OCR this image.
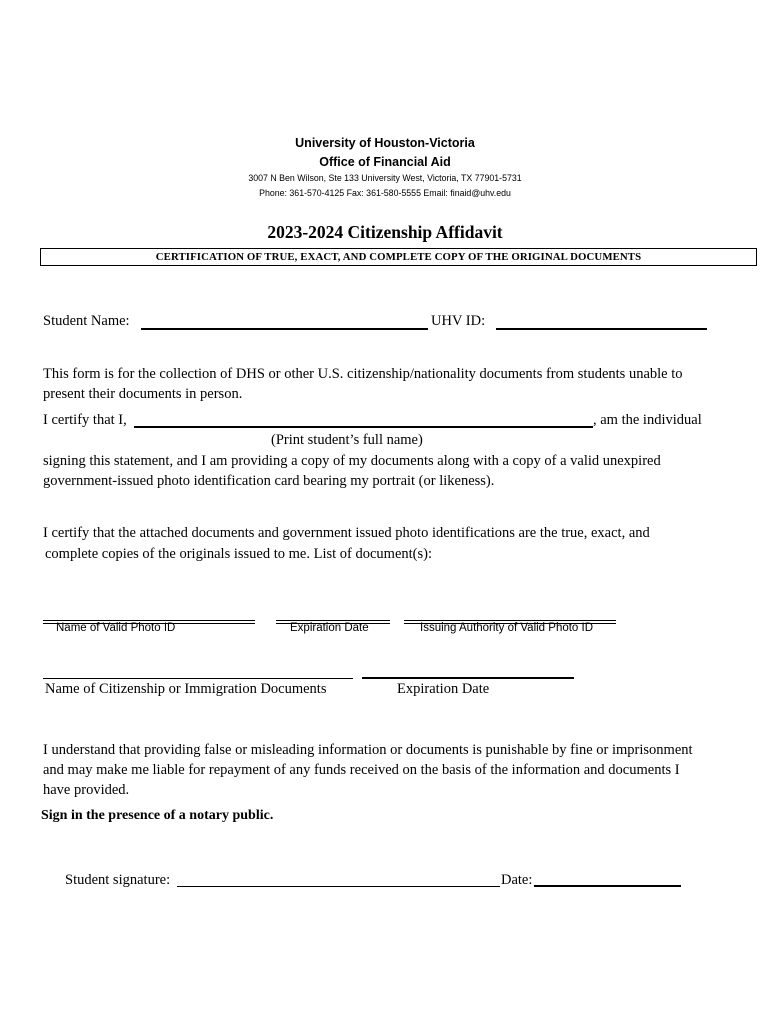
University of Houston-Victoria
Office of Financial Aid
3007 N Ben Wilson, Ste 133 University West, Victoria, TX 77901-5731
Phone: 361-570-4125 Fax: 361-580-5555 Email: finaid@uhv.edu
2023-2024 Citizenship Affidavit
CERTIFICATION OF TRUE, EXACT, AND COMPLETE COPY OF THE ORIGINAL DOCUMENTS
Student Name:	UHV ID:
This form is for the collection of DHS or other U.S. citizenship/nationality documents from students unable to
present their documents in person.
I certify that I,	, am the individual
(Print student’s full name)
signing this statement, and I am providing a copy of my documents along with a copy of a valid unexpired
government-issued photo identification card bearing my portrait (or likeness).
I certify that the attached documents and government issued photo identifications are the true, exact, and
complete copies of the originals issued to me. List of document(s):
Name of Valid Photo ID	Expiration Date	Issuing Authority of Valid Photo ID
Name of Citizenship or Immigration Documents	Expiration Date
I understand that providing false or misleading information or documents is punishable by fine or imprisonment
and may make me liable for repayment of any funds received on the basis of the information and documents I
have provided.
Sign in the presence of a notary public.
Student signature:	Date:
